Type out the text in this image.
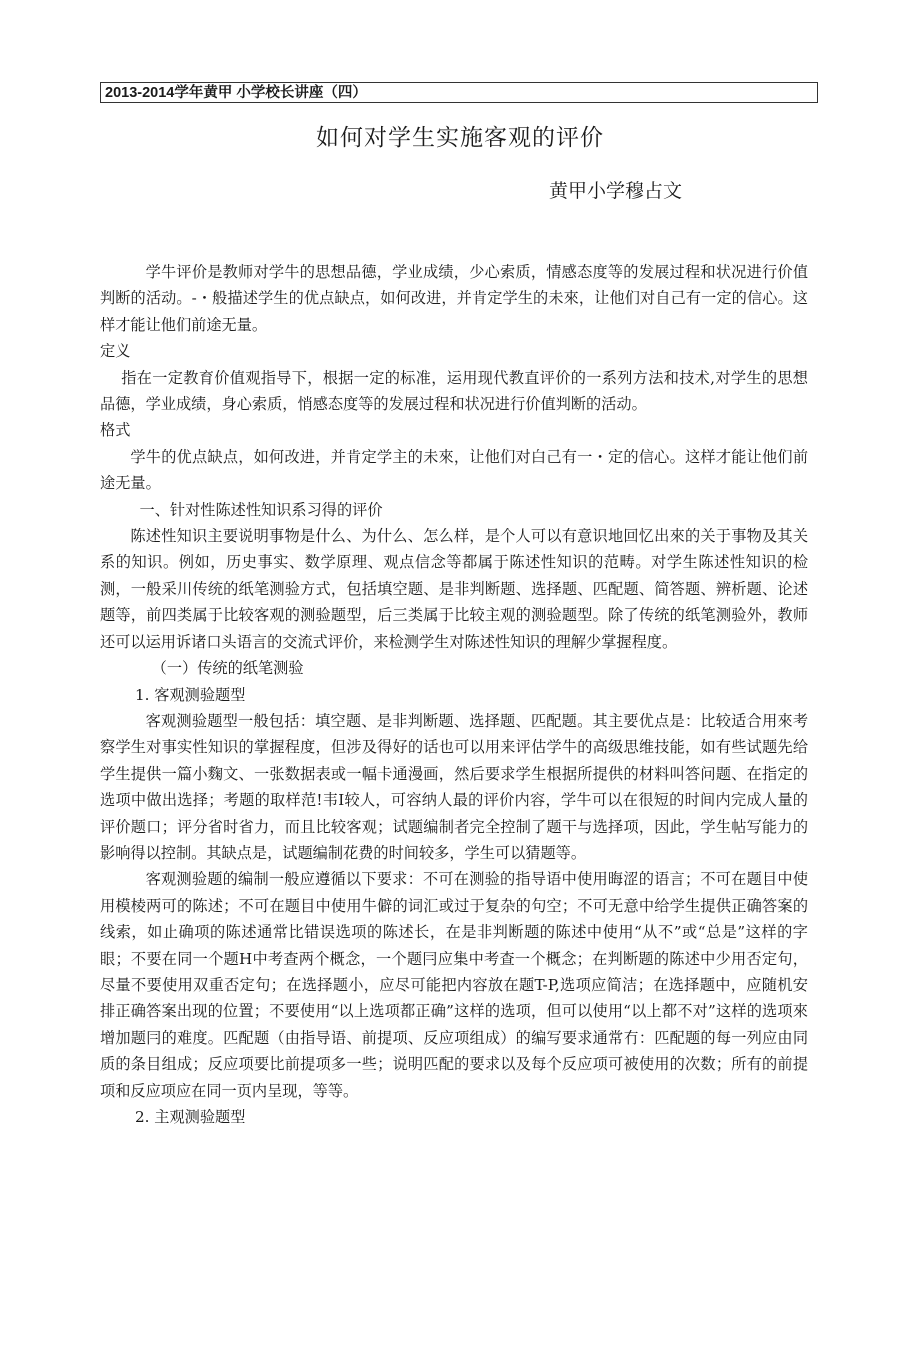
2013-2014学年黄甲 小学校长讲座（四）
如何对学生实施客观的评价
黄甲小学穆占文

学牛评价是教师对学牛的思想品德，学业成绩，少心索质，情感态度等的发展过程和状况进行价值判断的活动。-・般描述学生的优点缺点，如何改进，并肯定学生的未來，让他们对自己有一定的信心。这样才能让他们前途无量。

定义

指在一定教育价值观指导下，根据一定的标准，运用现代教直评价的一系列方法和技术,对学生的思想品德，学业成绩，身心索质，悄感态度等的发展过程和状况进行价值判断的活动。

格式

学牛的优点缺点，如何改进，并肯定学主的未來，让他们对白己有一・定的信心。这样才能让他们前途无量。

一、针对性陈述性知识系习得的评价

陈述性知识主要说明事物是什么、为什么、怎么样，是个人可以有意识地回忆出來的关于事物及其关系的知识。例如，历史事实、数学原理、观点信念等都属于陈述性知识的范畴。对学生陈述性知识的检测，一般采川传统的纸笔测验方式，包括填空题、是非判断题、选择题、匹配题、简答题、辨析题、论述题等，前四类属于比较客观的测验题型，后三类属于比较主观的测验题型。除了传统的纸笔测验外，教师还可以运用诉诸口头语言的交流式评价，来检测学生对陈述性知识的理解少掌握程度。

（一）传统的纸笔测验

1. 客观测验题型

客观测验题型一般包括：填空题、是非判断题、选择题、匹配题。其主要优点是：比较适合用來考察学生对事实性知识的掌握程度，但涉及得好的话也可以用来评估学牛的高级思维技能，如有些试题先给学生提供一篇小麴文、一张数据表或一幅卡通漫画，然后要求学生根据所提供的材料叫答问题、在指定的选项中做出选择；考题的取样范!韦I较人，可容纳人最的评价内容，学牛可以在很短的时间内完成人量的评价题口；评分省时省力，而且比较客观；试题编制者完全控制了题干与选择项，因此，学生帖写能力的影响得以控制。其缺点是，试题编制花费的时间较多，学生可以猜题等。

客观测验题的编制一般应遵循以下要求：不可在测验的指导语中使用晦涩的语言；不可在题目中使用模棱两可的陈述；不可在题目中使用牛僻的词汇或过于复杂的句空；不可无意中给学生提供正确答案的线索，如止确项的陈述通常比错误选项的陈述长，在是非判断题的陈述中使用“从不”或“总是”这样的字眼；不要在同一个题H中考查两个概念，一个题冃应集中考查一个概念；在判断题的陈述中少用否定句，尽量不要使用双重否定句；在选择题小，应尽可能把内容放在题T-P,选项应简洁；在选择题中，应随机安排正确答案出现的位置；不要使用“以上选项都正确”这样的选项，但可以使用“以上都不对”这样的选项來增加题冃的难度。匹配题（由指导语、前提项、反应项组成）的编写要求通常冇：匹配题的每一列应由同质的条目组成；反应项要比前提项多一些；说明匹配的要求以及每个反应项可被使用的次数；所有的前提项和反应项应在同一页内呈现，等等。

2. 主观测验题型
